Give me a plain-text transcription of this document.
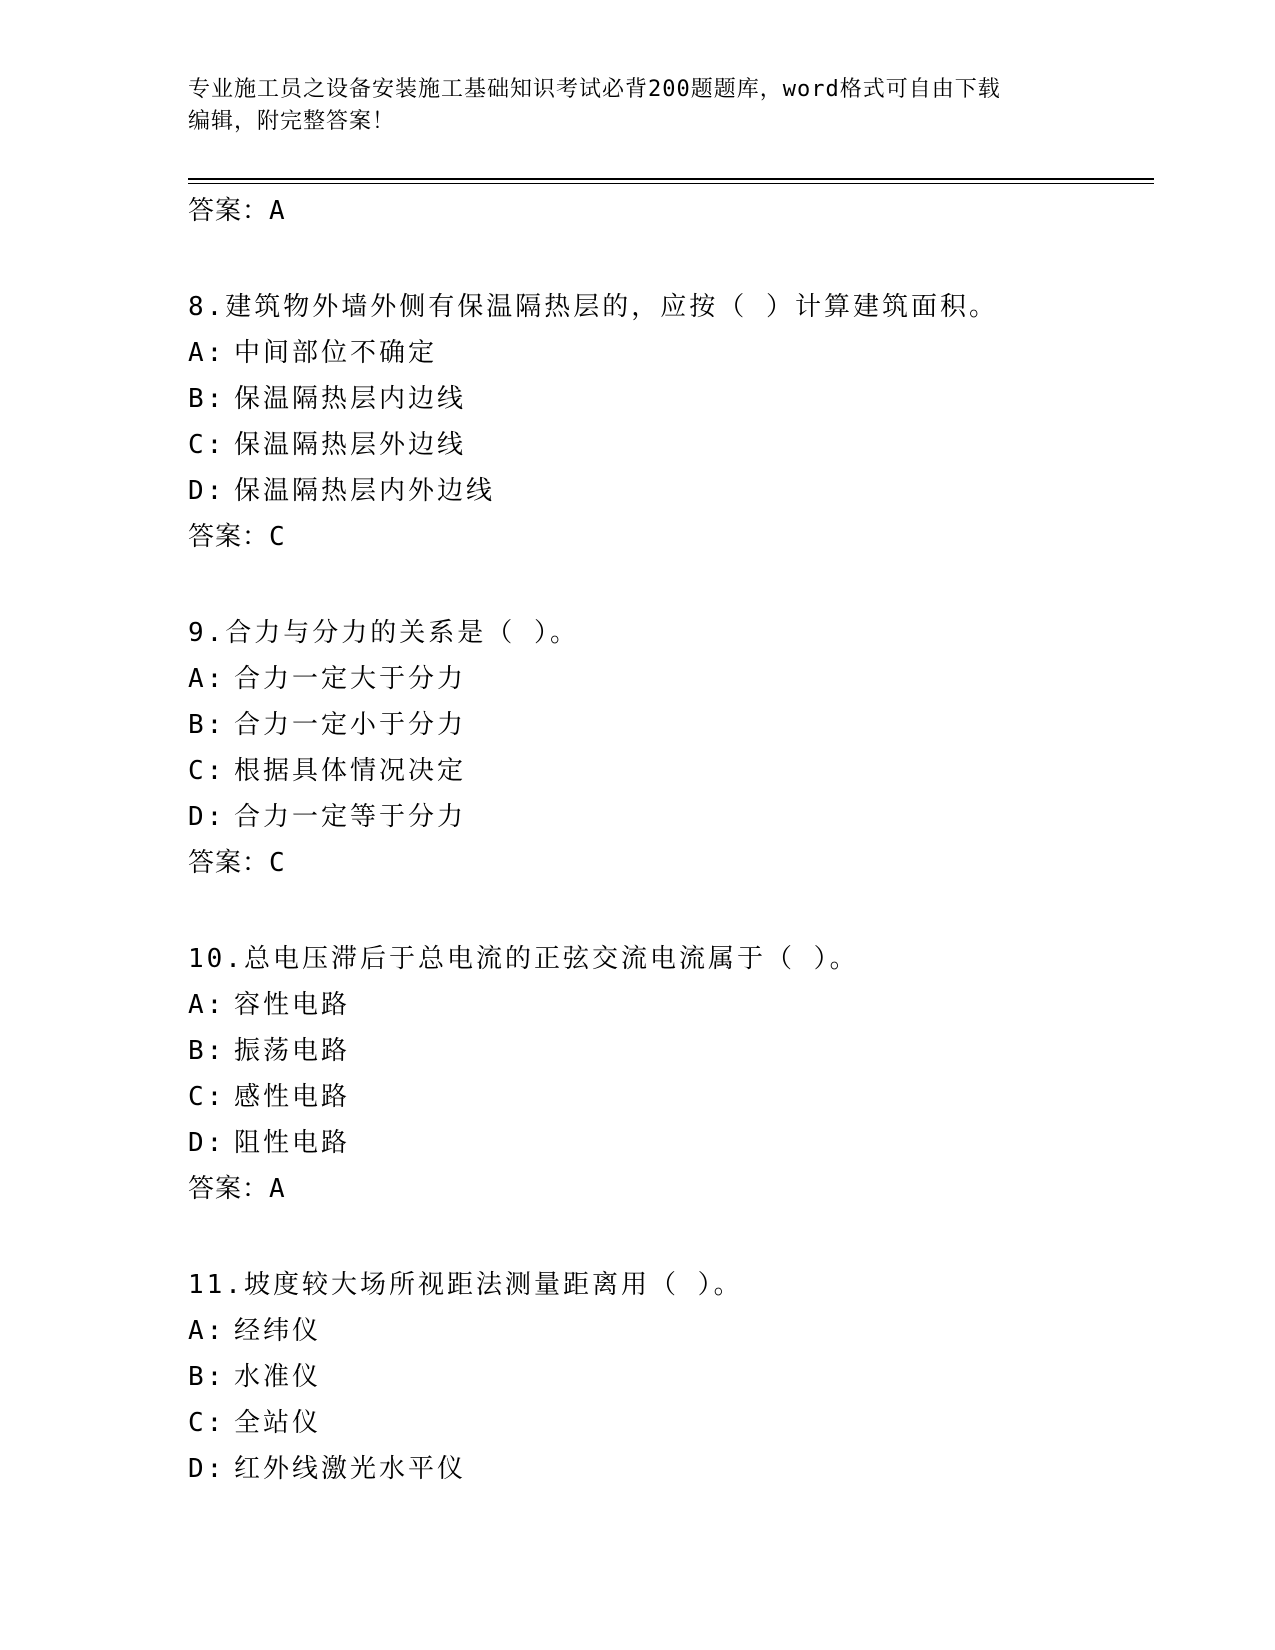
专业施工员之设备安装施工基础知识考试必背200题题库，word格式可自由下载
编辑，附完整答案！
答案：A
8.建筑物外墙外侧有保温隔热层的，应按（ ）计算建筑面积。
A: 中间部位不确定
B: 保温隔热层内边线
C: 保温隔热层外边线
D: 保温隔热层内外边线
答案：C
9.合力与分力的关系是（ ）。
A: 合力一定大于分力
B: 合力一定小于分力
C: 根据具体情况决定
D: 合力一定等于分力
答案：C
10.总电压滞后于总电流的正弦交流电流属于（ ）。
A: 容性电路
B: 振荡电路
C: 感性电路
D: 阻性电路
答案：A
11.坡度较大场所视距法测量距离用（ ）。
A: 经纬仪
B: 水准仪
C: 全站仪
D: 红外线激光水平仪
